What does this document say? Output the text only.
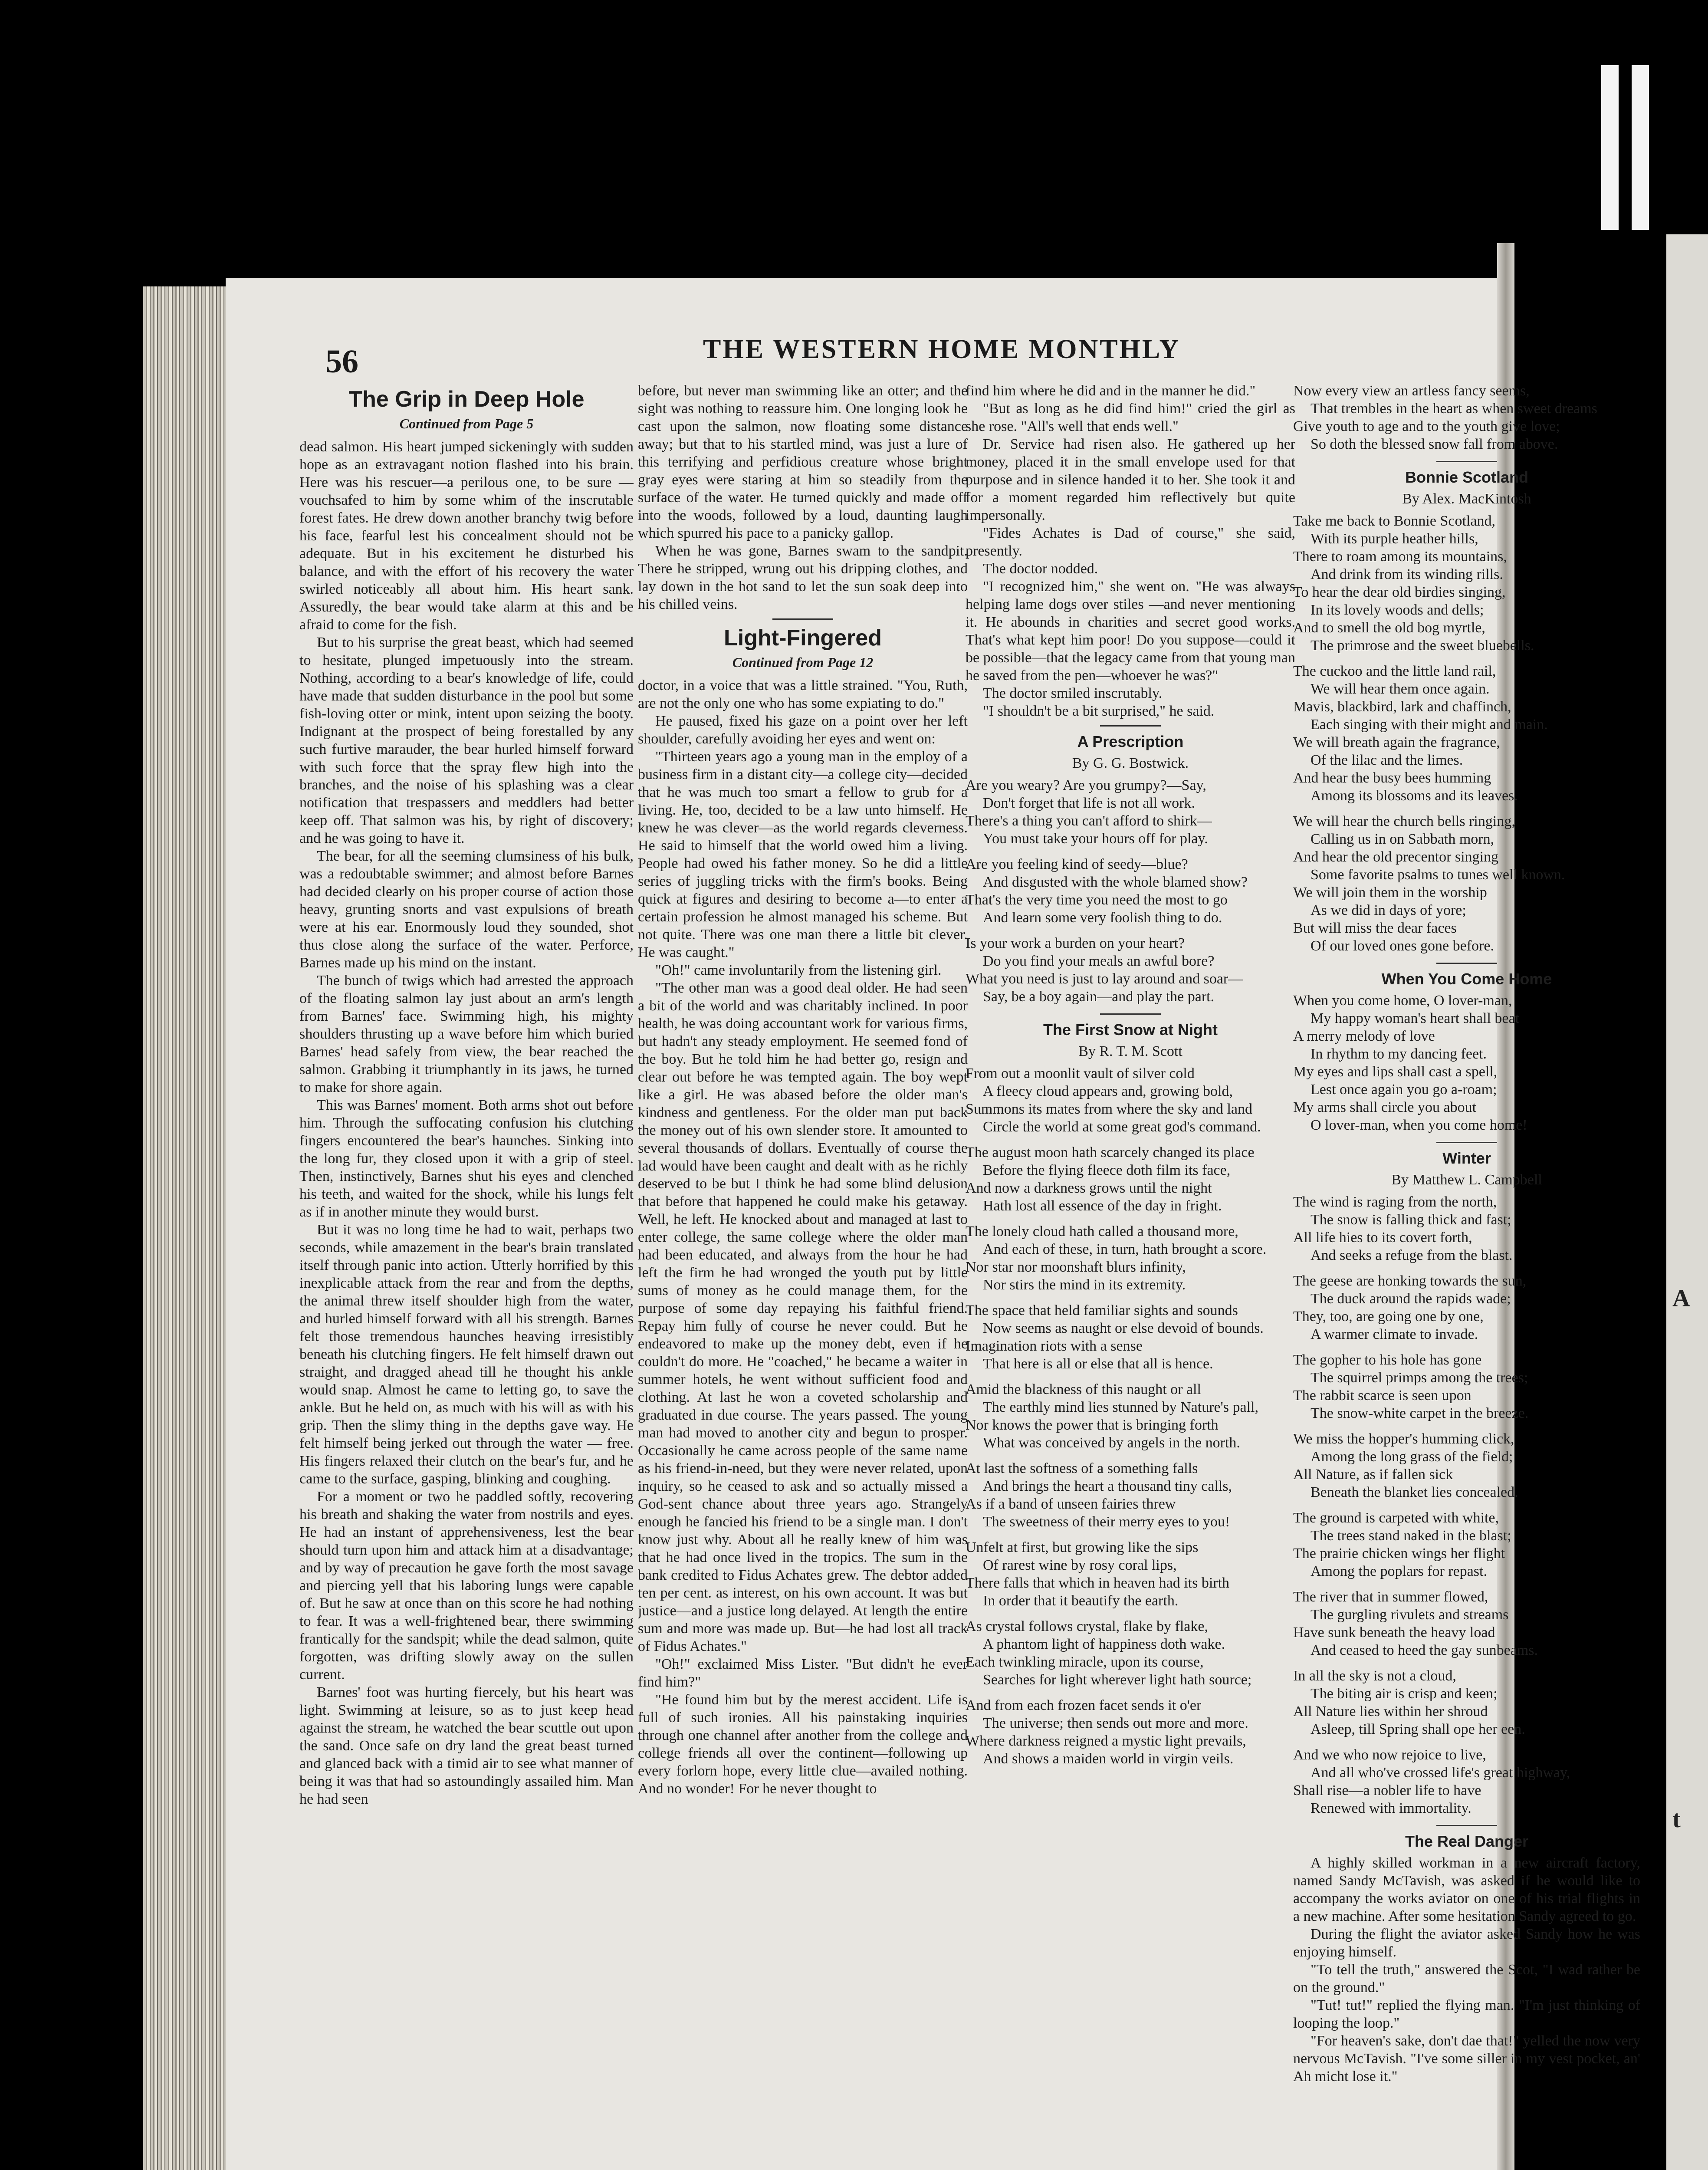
A
t
56	THE WESTERN HOME MONTHLY
The Grip in Deep Hole
Continued from Page 5

dead salmon. His heart jumped sickeningly with sudden hope as an extravagant notion flashed into his brain. Here was his rescuer—a perilous one, to be sure — vouchsafed to him by some whim of the inscrutable forest fates. He drew down another branchy twig before his face, fearful lest his concealment should not be adequate. But in his excitement he disturbed his balance, and with the effort of his recovery the water swirled noticeably all about him. His heart sank. Assuredly, the bear would take alarm at this and be afraid to come for the fish.

But to his surprise the great beast, which had seemed to hesitate, plunged impetuously into the stream. Nothing, according to a bear's knowledge of life, could have made that sudden disturbance in the pool but some fish-loving otter or mink, intent upon seizing the booty. Indignant at the prospect of being forestalled by any such furtive marauder, the bear hurled himself forward with such force that the spray flew high into the branches, and the noise of his splashing was a clear notification that trespassers and meddlers had better keep off. That salmon was his, by right of discovery; and he was going to have it.

The bear, for all the seeming clumsiness of his bulk, was a redoubtable swimmer; and almost before Barnes had decided clearly on his proper course of action those heavy, grunting snorts and vast expulsions of breath were at his ear. Enormously loud they sounded, shot thus close along the surface of the water. Perforce, Barnes made up his mind on the instant.

The bunch of twigs which had arrested the approach of the floating salmon lay just about an arm's length from Barnes' face. Swimming high, his mighty shoulders thrusting up a wave before him which buried Barnes' head safely from view, the bear reached the salmon. Grabbing it triumphantly in its jaws, he turned to make for shore again.

This was Barnes' moment. Both arms shot out before him. Through the suffocating confusion his clutching fingers encountered the bear's haunches. Sinking into the long fur, they closed upon it with a grip of steel. Then, instinctively, Barnes shut his eyes and clenched his teeth, and waited for the shock, while his lungs felt as if in another minute they would burst.

But it was no long time he had to wait, perhaps two seconds, while amazement in the bear's brain translated itself through panic into action. Utterly horrified by this inexplicable attack from the rear and from the depths, the animal threw itself shoulder high from the water, and hurled himself forward with all his strength. Barnes felt those tremendous haunches heaving irresistibly beneath his clutching fingers. He felt himself drawn out straight, and dragged ahead till he thought his ankle would snap. Almost he came to letting go, to save the ankle. But he held on, as much with his will as with his grip. Then the slimy thing in the depths gave way. He felt himself being jerked out through the water — free. His fingers relaxed their clutch on the bear's fur, and he came to the surface, gasping, blinking and coughing.

For a moment or two he paddled softly, recovering his breath and shaking the water from nostrils and eyes. He had an instant of apprehensiveness, lest the bear should turn upon him and attack him at a disadvantage; and by way of precaution he gave forth the most savage and piercing yell that his laboring lungs were capable of. But he saw at once than on this score he had nothing to fear. It was a well-frightened bear, there swimming frantically for the sandspit; while the dead salmon, quite forgotten, was drifting slowly away on the sullen current.

Barnes' foot was hurting fiercely, but his heart was light. Swimming at leisure, so as to just keep head against the stream, he watched the bear scuttle out upon the sand. Once safe on dry land the great beast turned and glanced back with a timid air to see what manner of being it was that had so astoundingly assailed him. Man he had seen

before, but never man swimming like an otter; and the sight was nothing to reassure him. One longing look he cast upon the salmon, now floating some distance away; but that to his startled mind, was just a lure of this terrifying and perfidious creature whose bright gray eyes were staring at him so steadily from the surface of the water. He turned quickly and made off into the woods, followed by a loud, daunting laugh which spurred his pace to a panicky gallop.

When he was gone, Barnes swam to the sandpit. There he stripped, wrung out his dripping clothes, and lay down in the hot sand to let the sun soak deep into his chilled veins.

Light-Fingered
Continued from Page 12

doctor, in a voice that was a little strained. "You, Ruth, are not the only one who has some expiating to do."

He paused, fixed his gaze on a point over her left shoulder, carefully avoiding her eyes and went on:

"Thirteen years ago a young man in the employ of a business firm in a distant city—a college city—decided that he was much too smart a fellow to grub for a living. He, too, decided to be a law unto himself. He knew he was clever—as the world regards cleverness. He said to himself that the world owed him a living. People had owed his father money. So he did a little series of juggling tricks with the firm's books. Being quick at figures and desiring to become a—to enter a certain profession he almost managed his scheme. But not quite. There was one man there a little bit clever. He was caught."

"Oh!" came involuntarily from the listening girl.

"The other man was a good deal older. He had seen a bit of the world and was charitably inclined. In poor health, he was doing accountant work for various firms, but hadn't any steady employment. He seemed fond of the boy. But he told him he had better go, resign and clear out before he was tempted again. The boy wept like a girl. He was abased before the older man's kindness and gentleness. For the older man put back the money out of his own slender store. It amounted to several thousands of dollars. Eventually of course the lad would have been caught and dealt with as he richly deserved to be but I think he had some blind delusion that before that happened he could make his getaway. Well, he left. He knocked about and managed at last to enter college, the same college where the older man had been educated, and always from the hour he had left the firm he had wronged the youth put by little sums of money as he could manage them, for the purpose of some day repaying his faithful friend. Repay him fully of course he never could. But he endeavored to make up the money debt, even if he couldn't do more. He "coached," he became a waiter in summer hotels, he went without sufficient food and clothing. At last he won a coveted scholarship and graduated in due course. The years passed. The young man had moved to another city and begun to prosper. Occasionally he came across people of the same name as his friend-in-need, but they were never related, upon inquiry, so he ceased to ask and so actually missed a God-sent chance about three years ago. Strangely enough he fancied his friend to be a single man. I don't know just why. About all he really knew of him was that he had once lived in the tropics. The sum in the bank credited to Fidus Achates grew. The debtor added ten per cent. as interest, on his own account. It was but justice—and a justice long delayed. At length the entire sum and more was made up. But—he had lost all track of Fidus Achates."

"Oh!" exclaimed Miss Lister. "But didn't he ever find him?"

"He found him but by the merest accident. Life is full of such ironies. All his painstaking inquiries through one channel after another from the college and college friends all over the continent—following up every forlorn hope, every little clue—availed nothing. And no wonder! For he never thought to

find him where he did and in the manner he did."

"But as long as he did find him!" cried the girl as she rose. "All's well that ends well."

Dr. Service had risen also. He gathered up her money, placed it in the small envelope used for that purpose and in silence handed it to her. She took it and for a moment regarded him reflectively but quite impersonally.

"Fides Achates is Dad of course," she said, presently.

The doctor nodded.

"I recognized him," she went on. "He was always helping lame dogs over stiles —and never mentioning it. He abounds in charities and secret good works. That's what kept him poor! Do you suppose—could it be possible—that the legacy came from that young man he saved from the pen—whoever he was?"

The doctor smiled inscrutably.

"I shouldn't be a bit surprised," he said.

A Prescription
By G. G. Bostwick.
Are you weary? Are you grumpy?—Say,
Don't forget that life is not all work.
There's a thing you can't afford to shirk—
You must take your hours off for play.
Are you feeling kind of seedy—blue?
And disgusted with the whole blamed show?
That's the very time you need the most to go
And learn some very foolish thing to do.
Is your work a burden on your heart?
Do you find your meals an awful bore?
What you need is just to lay around and soar—
Say, be a boy again—and play the part.
The First Snow at Night
By R. T. M. Scott
From out a moonlit vault of silver cold
A fleecy cloud appears and, growing bold,
Summons its mates from where the sky and land
Circle the world at some great god's command.
The august moon hath scarcely changed its place
Before the flying fleece doth film its face,
And now a darkness grows until the night
Hath lost all essence of the day in fright.
The lonely cloud hath called a thousand more,
And each of these, in turn, hath brought a score.
Nor star nor moonshaft blurs infinity,
Nor stirs the mind in its extremity.
The space that held familiar sights and sounds
Now seems as naught or else devoid of bounds.
Imagination riots with a sense
That here is all or else that all is hence.
Amid the blackness of this naught or all
The earthly mind lies stunned by Nature's pall,
Nor knows the power that is bringing forth
What was conceived by angels in the north.
At last the softness of a something falls
And brings the heart a thousand tiny calls,
As if a band of unseen fairies threw
The sweetness of their merry eyes to you!
Unfelt at first, but growing like the sips
Of rarest wine by rosy coral lips,
There falls that which in heaven had its birth
In order that it beautify the earth.
As crystal follows crystal, flake by flake,
A phantom light of happiness doth wake.
Each twinkling miracle, upon its course,
Searches for light wherever light hath source;
And from each frozen facet sends it o'er
The universe; then sends out more and more.
Where darkness reigned a mystic light prevails,
And shows a maiden world in virgin veils.
Now every view an artless fancy seems,
That trembles in the heart as when sweet dreams
Give youth to age and to the youth give love;
So doth the blessed snow fall from above.
Bonnie Scotland
By Alex. MacKintosh
Take me back to Bonnie Scotland,
With its purple heather hills,
There to roam among its mountains,
And drink from its winding rills.
To hear the dear old birdies singing,
In its lovely woods and dells;
And to smell the old bog myrtle,
The primrose and the sweet bluebells.
The cuckoo and the little land rail,
We will hear them once again.
Mavis, blackbird, lark and chaffinch,
Each singing with their might and main.
We will breath again the fragrance,
Of the lilac and the limes.
And hear the busy bees humming
Among its blossoms and its leaves.
We will hear the church bells ringing,
Calling us in on Sabbath morn,
And hear the old precentor singing
Some favorite psalms to tunes well known.
We will join them in the worship
As we did in days of yore;
But will miss the dear faces
Of our loved ones gone before.
When You Come Home
When you come home, O lover-man,
My happy woman's heart shall beat
A merry melody of love
In rhythm to my dancing feet.
My eyes and lips shall cast a spell,
Lest once again you go a-roam;
My arms shall circle you about
O lover-man, when you come home!
Winter
By Matthew L. Campbell
The wind is raging from the north,
The snow is falling thick and fast;
All life hies to its covert forth,
And seeks a refuge from the blast.
The geese are honking towards the sun,
The duck around the rapids wade;
They, too, are going one by one,
A warmer climate to invade.
The gopher to his hole has gone
The squirrel primps among the trees;
The rabbit scarce is seen upon
The snow-white carpet in the breeze.
We miss the hopper's humming click,
Among the long grass of the field;
All Nature, as if fallen sick
Beneath the blanket lies concealed.
The ground is carpeted with white,
The trees stand naked in the blast;
The prairie chicken wings her flight
Among the poplars for repast.
The river that in summer flowed,
The gurgling rivulets and streams
Have sunk beneath the heavy load
And ceased to heed the gay sunbeams.
In all the sky is not a cloud,
The biting air is crisp and keen;
All Nature lies within her shroud
Asleep, till Spring shall ope her een.
And we who now rejoice to live,
And all who've crossed life's great highway,
Shall rise—a nobler life to have
Renewed with immortality.
The Real Danger

A highly skilled workman in a new aircraft factory, named Sandy McTavish, was asked if he would like to accompany the works aviator on one of his trial flights in a new machine. After some hesitation Sandy agreed to go.

During the flight the aviator asked Sandy how he was enjoying himself.

"To tell the truth," answered the Scot, "I wad rather be on the ground."

"Tut! tut!" replied the flying man. "I'm just thinking of looping the loop."

"For heaven's sake, don't dae that!" yelled the now very nervous McTavish. "I've some siller in my vest pocket, an' Ah micht lose it."
